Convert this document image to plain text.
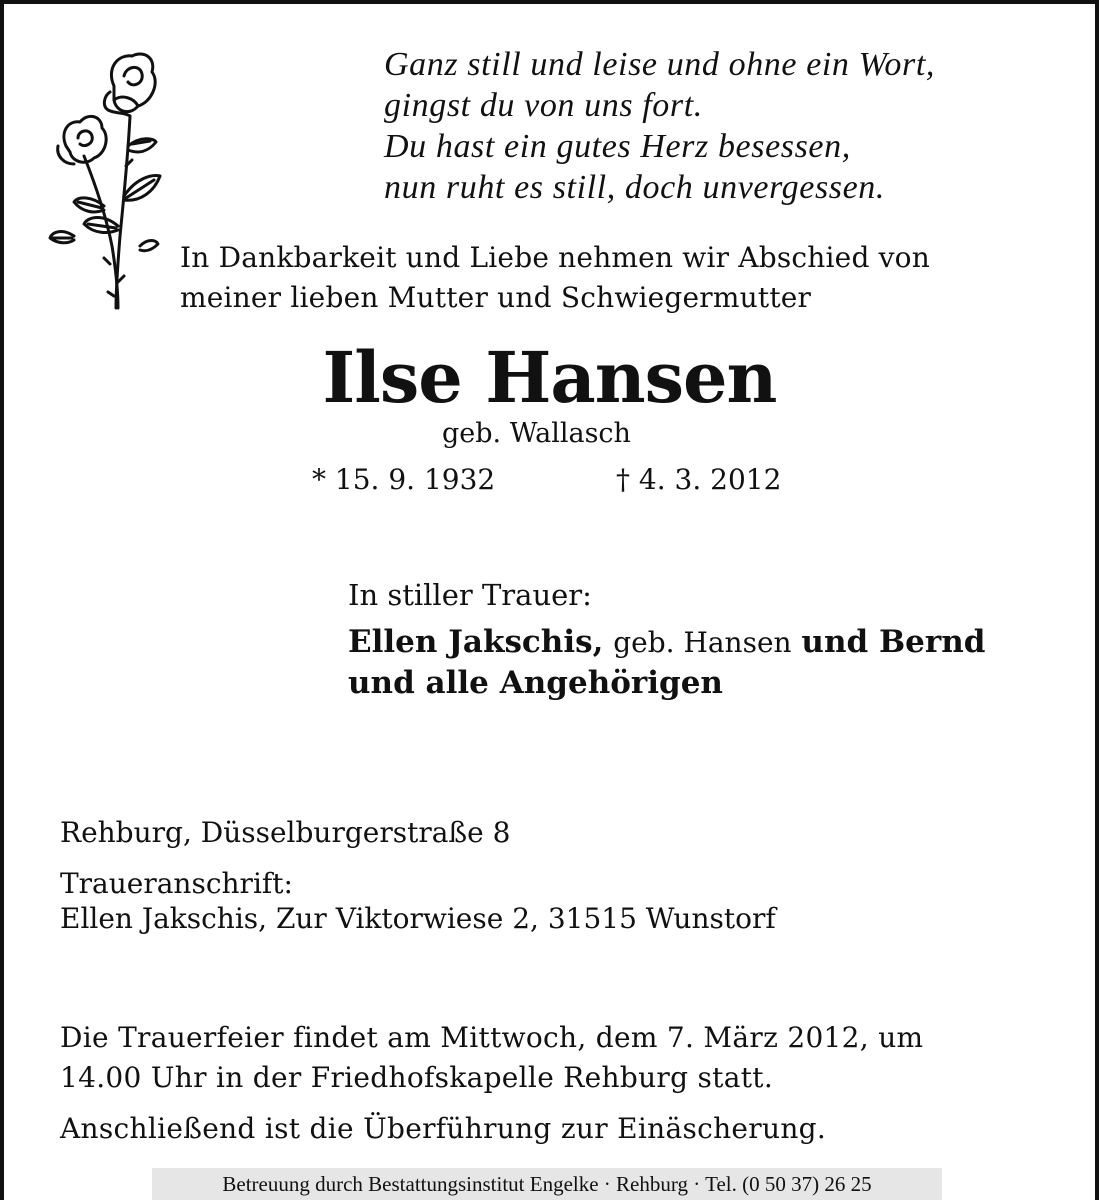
Ganz still und leise und ohne ein Wort,
gingst du von uns fort.
Du hast ein gutes Herz besessen,
nun ruht es still, doch unvergessen.
In Dankbarkeit und Liebe nehmen wir Abschied von
meiner lieben Mutter und Schwiegermutter
Ilse Hansen
geb. Wallasch
* 15. 9. 1932	† 4. 3. 2012
In stiller Trauer:
Ellen Jakschis, geb. Hansen und Bernd
und alle Angehörigen
Rehburg, Düsselburgerstraße 8
Traueranschrift:
Ellen Jakschis, Zur Viktorwiese 2, 31515 Wunstorf
Die Trauerfeier findet am Mittwoch, dem 7. März 2012, um
14.00 Uhr in der Friedhofskapelle Rehburg statt.
Anschließend ist die Überführung zur Einäscherung.
Betreuung durch Bestattungsinstitut Engelke · Rehburg · Tel. (0 50 37) 26 25
